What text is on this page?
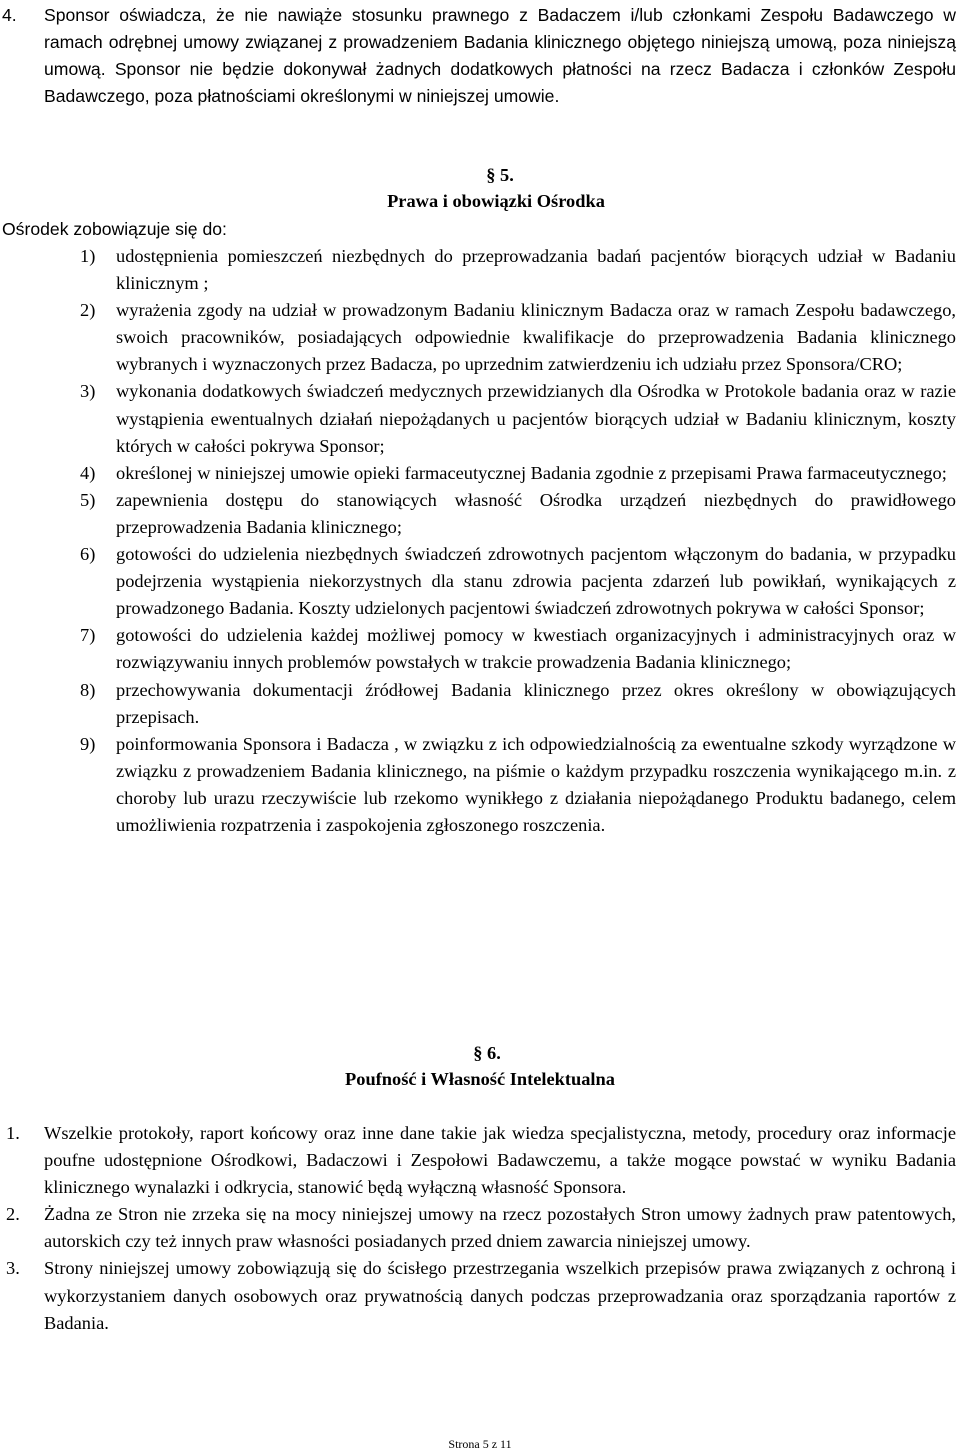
4. Sponsor oświadcza, że nie nawiąże stosunku prawnego z Badaczem i/lub członkami Zespołu Badawczego w ramach odrębnej umowy związanej z prowadzeniem Badania klinicznego objętego niniejszą umową, poza niniejszą umową. Sponsor nie będzie dokonywał żadnych dodatkowych płatności na rzecz Badacza i członków Zespołu Badawczego, poza płatnościami określonymi w niniejszej umowie.
§ 5.
Prawa i obowiązki Ośrodka
Ośrodek zobowiązuje się do:
1) udostępnienia pomieszczeń niezbędnych do przeprowadzania badań pacjentów biorących udział w Badaniu klinicznym ;
2) wyrażenia zgody na udział w prowadzonym Badaniu klinicznym Badacza oraz w ramach Zespołu badawczego, swoich pracowników, posiadających odpowiednie kwalifikacje do przeprowadzenia Badania klinicznego wybranych i wyznaczonych przez Badacza, po uprzednim zatwierdzeniu ich udziału przez Sponsora/CRO;
3) wykonania dodatkowych świadczeń medycznych przewidzianych dla Ośrodka w Protokole badania oraz w razie wystąpienia ewentualnych działań niepożądanych u pacjentów biorących udział w Badaniu klinicznym, koszty których w całości pokrywa Sponsor;
4) określonej w niniejszej umowie opieki farmaceutycznej Badania zgodnie z przepisami Prawa farmaceutycznego;
5) zapewnienia dostępu do stanowiących własność Ośrodka urządzeń niezbędnych do prawidłowego przeprowadzenia Badania klinicznego;
6) gotowości do udzielenia niezbędnych świadczeń zdrowotnych pacjentom włączonym do badania, w przypadku podejrzenia wystąpienia niekorzystnych dla stanu zdrowia pacjenta zdarzeń lub powikłań, wynikających z prowadzonego Badania. Koszty udzielonych pacjentowi świadczeń zdrowotnych pokrywa w całości Sponsor;
7) gotowości do udzielenia każdej możliwej pomocy w kwestiach organizacyjnych i administracyjnych oraz w rozwiązywaniu innych problemów powstałych w trakcie prowadzenia Badania klinicznego;
8) przechowywania dokumentacji źródłowej Badania klinicznego przez okres określony w obowiązujących przepisach.
9) poinformowania Sponsora i Badacza , w związku z ich odpowiedzialnością za ewentualne szkody wyrządzone w związku z prowadzeniem Badania klinicznego, na piśmie o każdym przypadku roszczenia wynikającego m.in. z choroby lub urazu rzeczywiście lub rzekomo wynikłego z działania niepożądanego Produktu badanego, celem umożliwienia rozpatrzenia i zaspokojenia zgłoszonego roszczenia.
§ 6.
Poufność i Własność Intelektualna
1. Wszelkie protokoły, raport końcowy oraz inne dane takie jak wiedza specjalistyczna, metody, procedury oraz informacje poufne udostępnione Ośrodkowi, Badaczowi i Zespołowi Badawczemu, a także mogące powstać w wyniku Badania klinicznego wynalazki i odkrycia, stanowić będą wyłączną własność Sponsora.
2. Żadna ze Stron nie zrzeka się na mocy niniejszej umowy na rzecz pozostałych Stron umowy żadnych praw patentowych, autorskich czy też innych praw własności posiadanych przed dniem zawarcia niniejszej umowy.
3. Strony niniejszej umowy zobowiązują się do ścisłego przestrzegania wszelkich przepisów prawa związanych z ochroną i wykorzystaniem danych osobowych oraz prywatnością danych podczas przeprowadzania oraz sporządzania raportów z Badania.
Strona 5 z 11
